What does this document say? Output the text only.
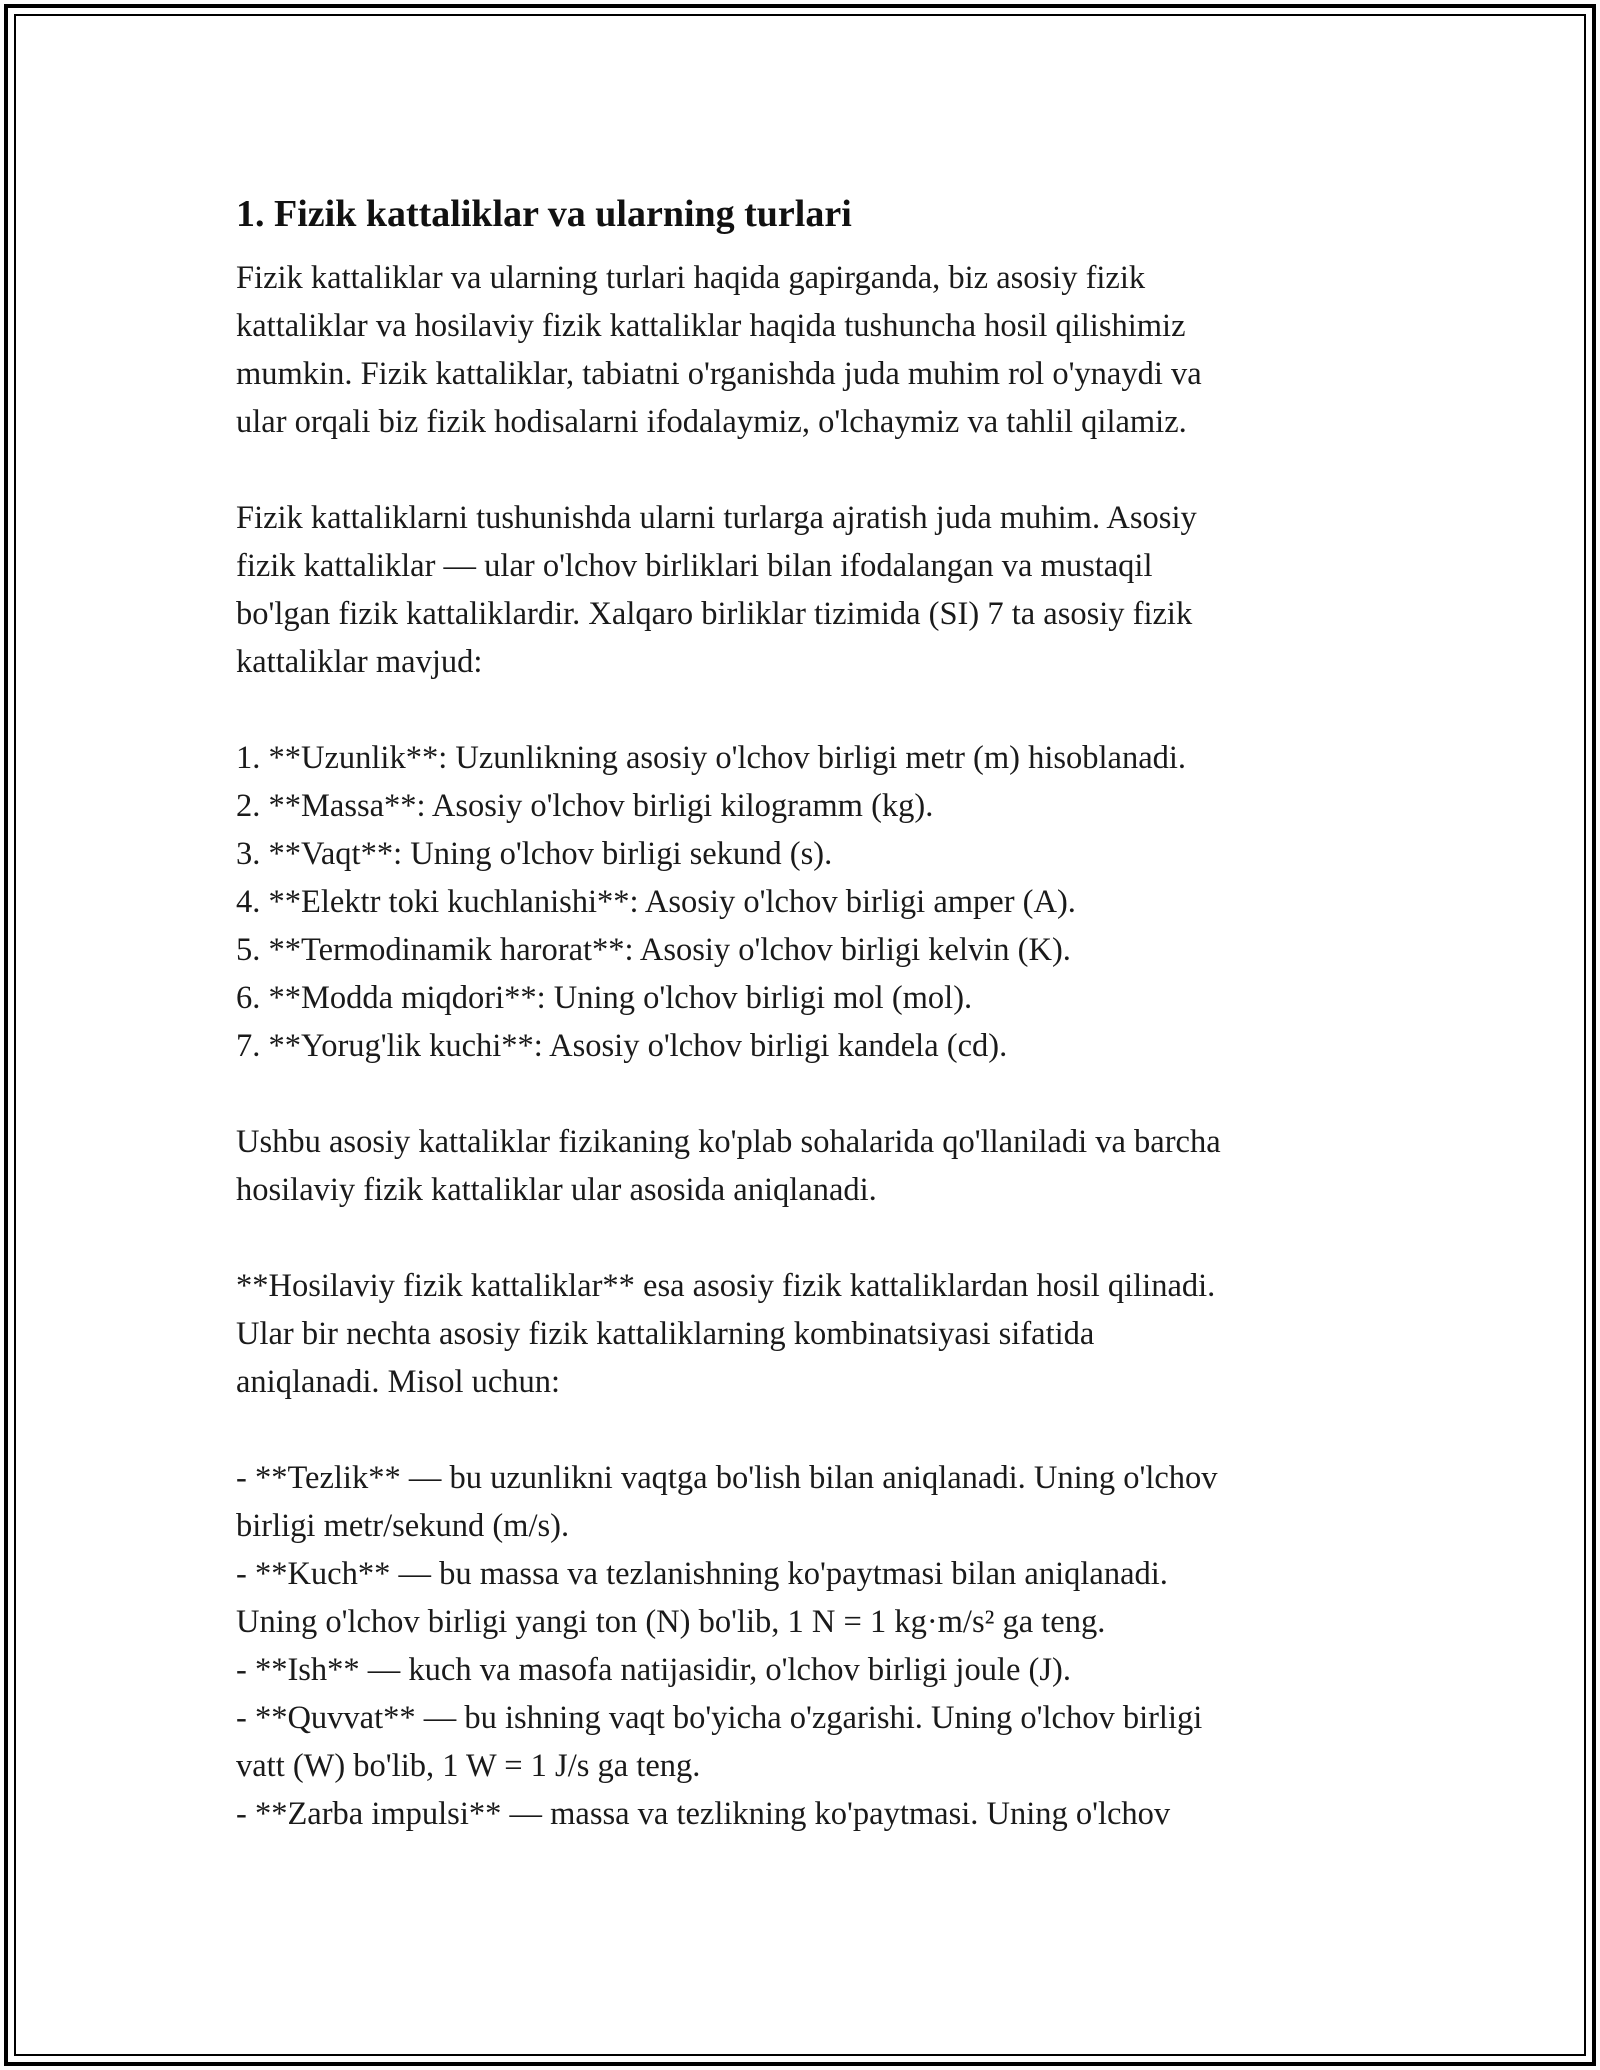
1. Fizik kattaliklar va ularning turlari

Fizik kattaliklar va ularning turlari haqida gapirganda, biz asosiy fizik
kattaliklar va hosilaviy fizik kattaliklar haqida tushuncha hosil qilishimiz
mumkin. Fizik kattaliklar, tabiatni o'rganishda juda muhim rol o'ynaydi va
ular orqali biz fizik hodisalarni ifodalaymiz, o'lchaymiz va tahlil qilamiz.

Fizik kattaliklarni tushunishda ularni turlarga ajratish juda muhim. Asosiy
fizik kattaliklar — ular o'lchov birliklari bilan ifodalangan va mustaqil
bo'lgan fizik kattaliklardir. Xalqaro birliklar tizimida (SI) 7 ta asosiy fizik
kattaliklar mavjud:

1. **Uzunlik**: Uzunlikning asosiy o'lchov birligi metr (m) hisoblanadi.
2. **Massa**: Asosiy o'lchov birligi kilogramm (kg).
3. **Vaqt**: Uning o'lchov birligi sekund (s).
4. **Elektr toki kuchlanishi**: Asosiy o'lchov birligi amper (A).
5. **Termodinamik harorat**: Asosiy o'lchov birligi kelvin (K).
6. **Modda miqdori**: Uning o'lchov birligi mol (mol).
7. **Yorug'lik kuchi**: Asosiy o'lchov birligi kandela (cd).

Ushbu asosiy kattaliklar fizikaning ko'plab sohalarida qo'llaniladi va barcha
hosilaviy fizik kattaliklar ular asosida aniqlanadi.

**Hosilaviy fizik kattaliklar** esa asosiy fizik kattaliklardan hosil qilinadi.
Ular bir nechta asosiy fizik kattaliklarning kombinatsiyasi sifatida
aniqlanadi. Misol uchun:

- **Tezlik** — bu uzunlikni vaqtga bo'lish bilan aniqlanadi. Uning o'lchov
birligi metr/sekund (m/s).
- **Kuch** — bu massa va tezlanishning ko'paytmasi bilan aniqlanadi.
Uning o'lchov birligi yangi ton (N) bo'lib, 1 N = 1 kg·m/s² ga teng.
- **Ish** — kuch va masofa natijasidir, o'lchov birligi joule (J).
- **Quvvat** — bu ishning vaqt bo'yicha o'zgarishi. Uning o'lchov birligi
vatt (W) bo'lib, 1 W = 1 J/s ga teng.
- **Zarba impulsi** — massa va tezlikning ko'paytmasi. Uning o'lchov
